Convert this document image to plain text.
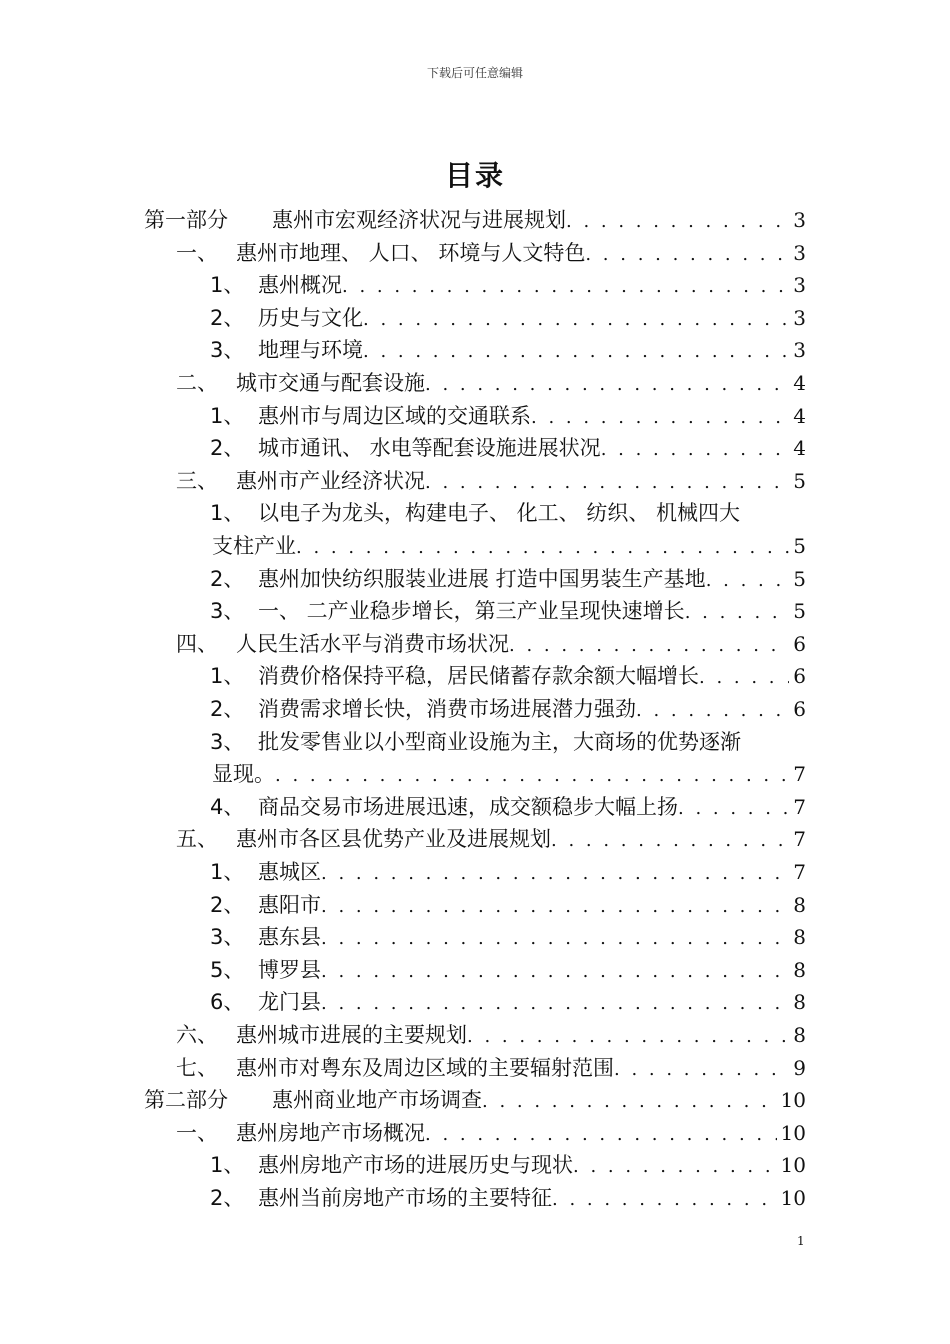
下载后可任意编辑
目录
第一部分	惠州市宏观经济状况与进展规划 . . .	3
一、 惠州市地理、 人口、 环境与人文特色 . . .	3
1、 惠州概况 . . .	3
2、 历史与文化 . . .	3
3、 地理与环境 . . .	3
二、 城市交通与配套设施 . . .	4
1、 惠州市与周边区域的交通联系 . . .	4
2、 城市通讯、 水电等配套设施进展状况 . . .	4
三、 惠州市产业经济状况 . . .	5
1、 以电子为龙头，构建电子、 化工、 纺织、 机械四大
支柱产业 . . .	5
2、 惠州加快纺织服装业进展 打造中国男装生产基地 . . .	5
3、 一、 二产业稳步增长，第三产业呈现快速增长 . . .	5
四、 人民生活水平与消费市场状况 . . .	6
1、 消费价格保持平稳，居民储蓄存款余额大幅增长 . . .	6
2、 消费需求增长快，消费市场进展潜力强劲 . . .	6
3、 批发零售业以小型商业设施为主，大商场的优势逐渐
显现。 . . .	7
4、 商品交易市场进展迅速，成交额稳步大幅上扬 . . .	7
五、 惠州市各区县优势产业及进展规划 . . .	7
1、 惠城区 . . .	7
2、 惠阳市 . . .	8
3、 惠东县 . . .	8
5、 博罗县 . . .	8
6、 龙门县 . . .	8
六、 惠州城市进展的主要规划 . . .	8
七、 惠州市对粤东及周边区域的主要辐射范围 . . .	9
第二部分	惠州商业地产市场调查 . . .	10
一、 惠州房地产市场概况 . . .	10
1、 惠州房地产市场的进展历史与现状 . . .	10
2、 惠州当前房地产市场的主要特征 . . .	10
1
